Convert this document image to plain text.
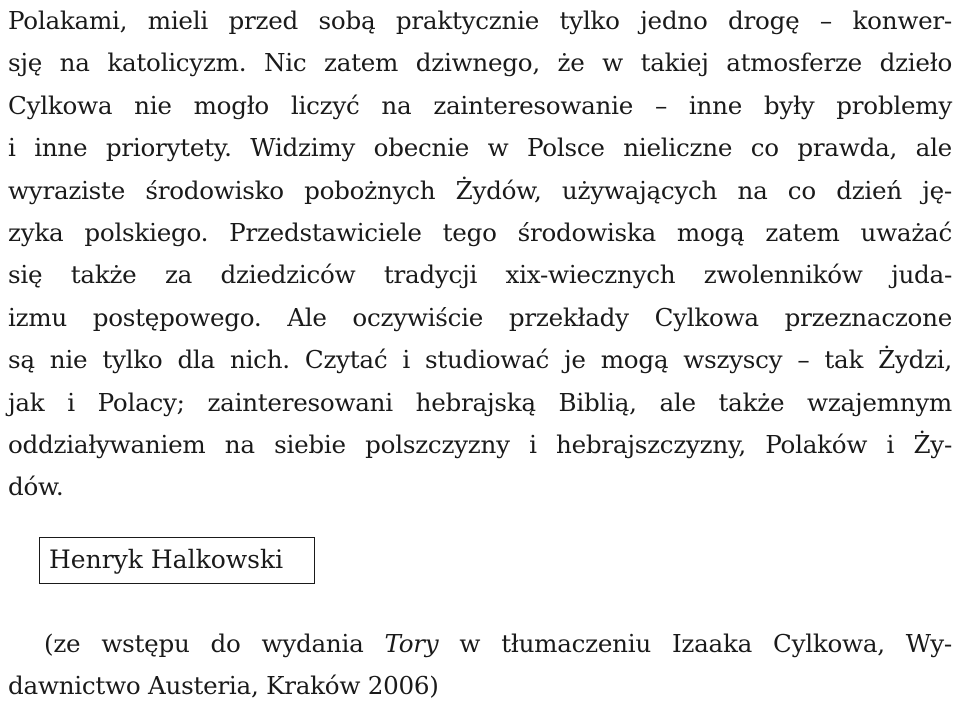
Polakami, mieli przed sobą praktycznie tylko jedno drogę – konwer-
sję na katolicyzm. Nic zatem dziwnego, że w takiej atmosferze dzieło
Cylkowa nie mogło liczyć na zainteresowanie – inne były problemy
i inne priorytety. Widzimy obecnie w Polsce nieliczne co prawda, ale
wyraziste środowisko pobożnych Żydów, używających na co dzień ję-
zyka polskiego. Przedstawiciele tego środowiska mogą zatem uważać
się także za dziedziców tradycji xix-wiecznych zwolenników juda-
izmu postępowego. Ale oczywiście przekłady Cylkowa przeznaczone
są nie tylko dla nich. Czytać i studiować je mogą wszyscy – tak Żydzi,
jak i Polacy; zainteresowani hebrajską Biblią, ale także wzajemnym
oddziaływaniem na siebie polszczyzny i hebrajszczyzny, Polaków i Ży-
dów.
Henryk Halkowski
(ze wstępu do wydania Tory w tłumaczeniu Izaaka Cylkowa, Wy-
dawnictwo Austeria, Kraków 2006)
